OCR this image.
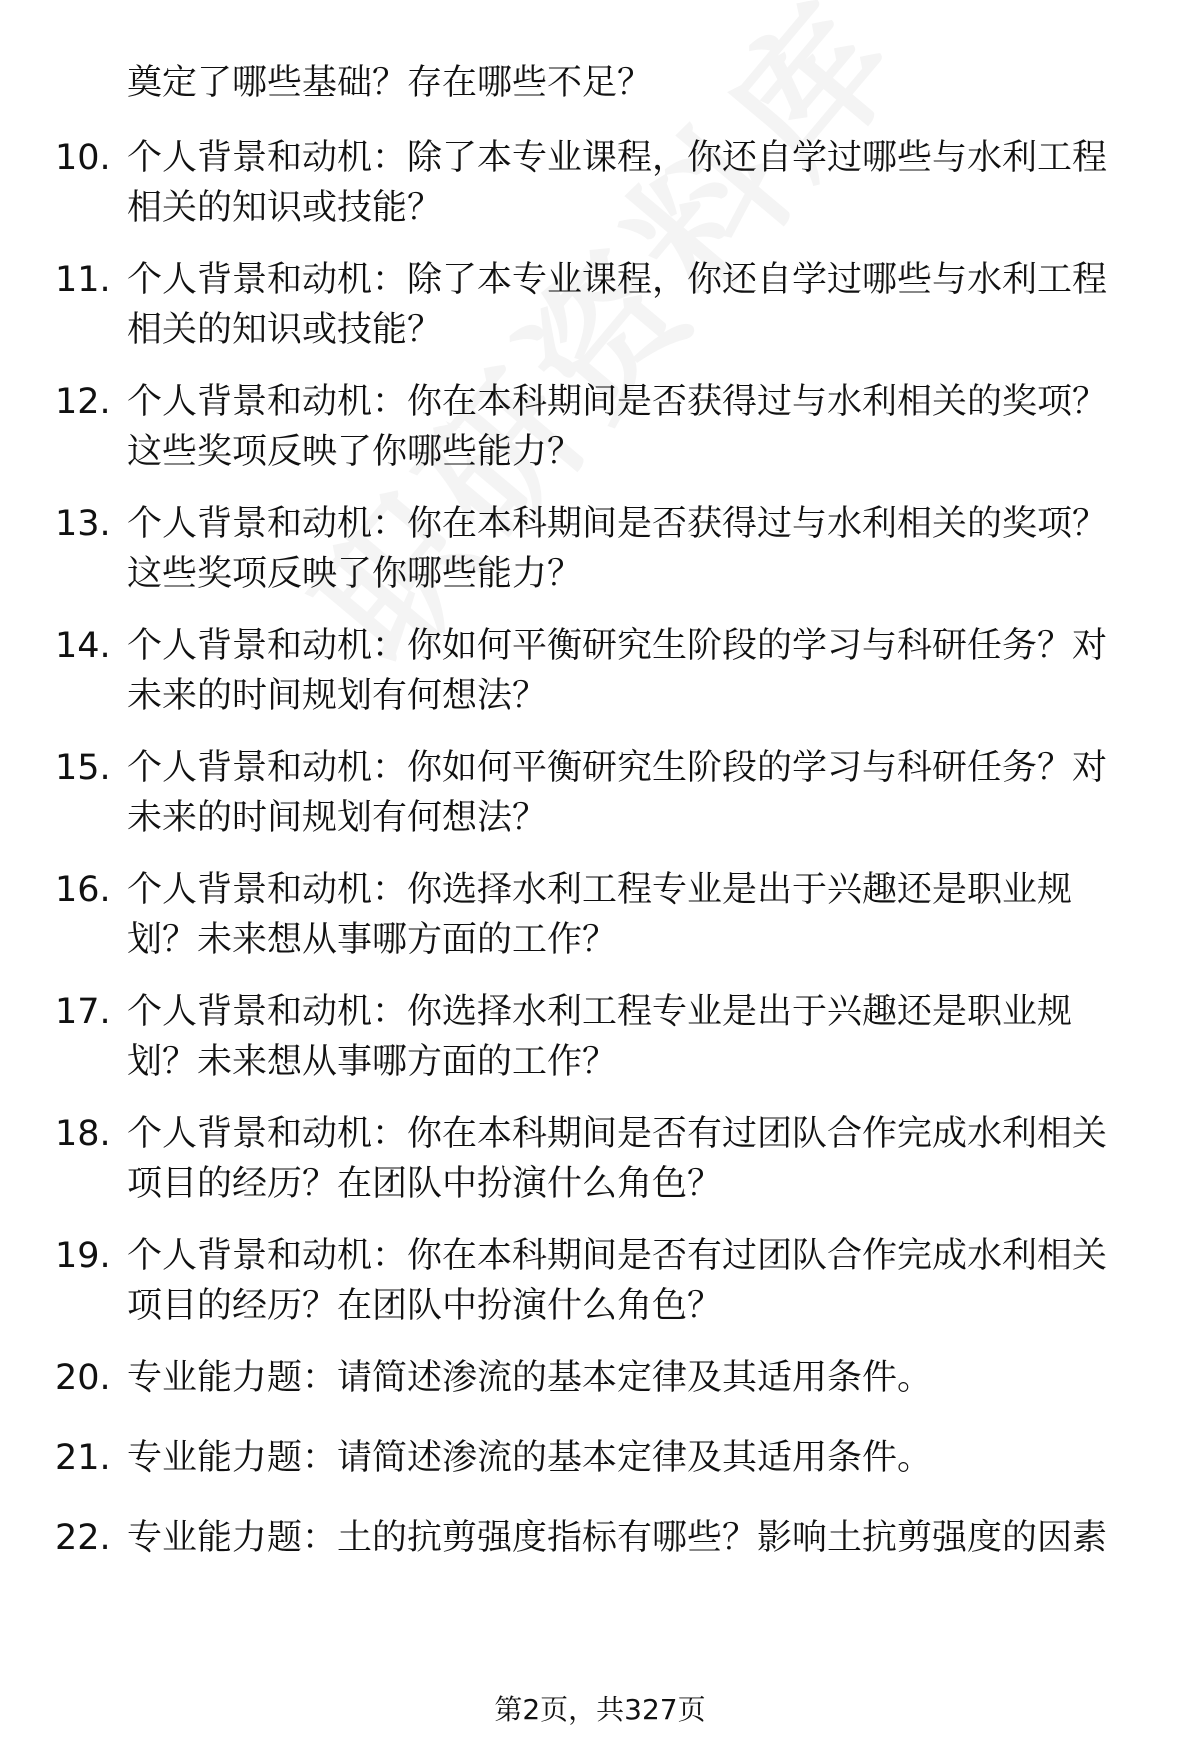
奠定了哪些基础？存在哪些不足？
10. 个人背景和动机：除了本专业课程，你还自学过哪些与水利工程
相关的知识或技能？
11. 个人背景和动机：除了本专业课程，你还自学过哪些与水利工程
相关的知识或技能？
12. 个人背景和动机：你在本科期间是否获得过与水利相关的奖项？
这些奖项反映了你哪些能力？
13. 个人背景和动机：你在本科期间是否获得过与水利相关的奖项？
这些奖项反映了你哪些能力？
14. 个人背景和动机：你如何平衡研究生阶段的学习与科研任务？对
未来的时间规划有何想法？
15. 个人背景和动机：你如何平衡研究生阶段的学习与科研任务？对
未来的时间规划有何想法？
16. 个人背景和动机：你选择水利工程专业是出于兴趣还是职业规
划？未来想从事哪方面的工作？
17. 个人背景和动机：你选择水利工程专业是出于兴趣还是职业规
划？未来想从事哪方面的工作？
18. 个人背景和动机：你在本科期间是否有过团队合作完成水利相关
项目的经历？在团队中扮演什么角色？
19. 个人背景和动机：你在本科期间是否有过团队合作完成水利相关
项目的经历？在团队中扮演什么角色？
20. 专业能力题：请简述渗流的基本定律及其适用条件。
21. 专业能力题：请简述渗流的基本定律及其适用条件。
22. 专业能力题：土的抗剪强度指标有哪些？影响土抗剪强度的因素
第2页，共327页
